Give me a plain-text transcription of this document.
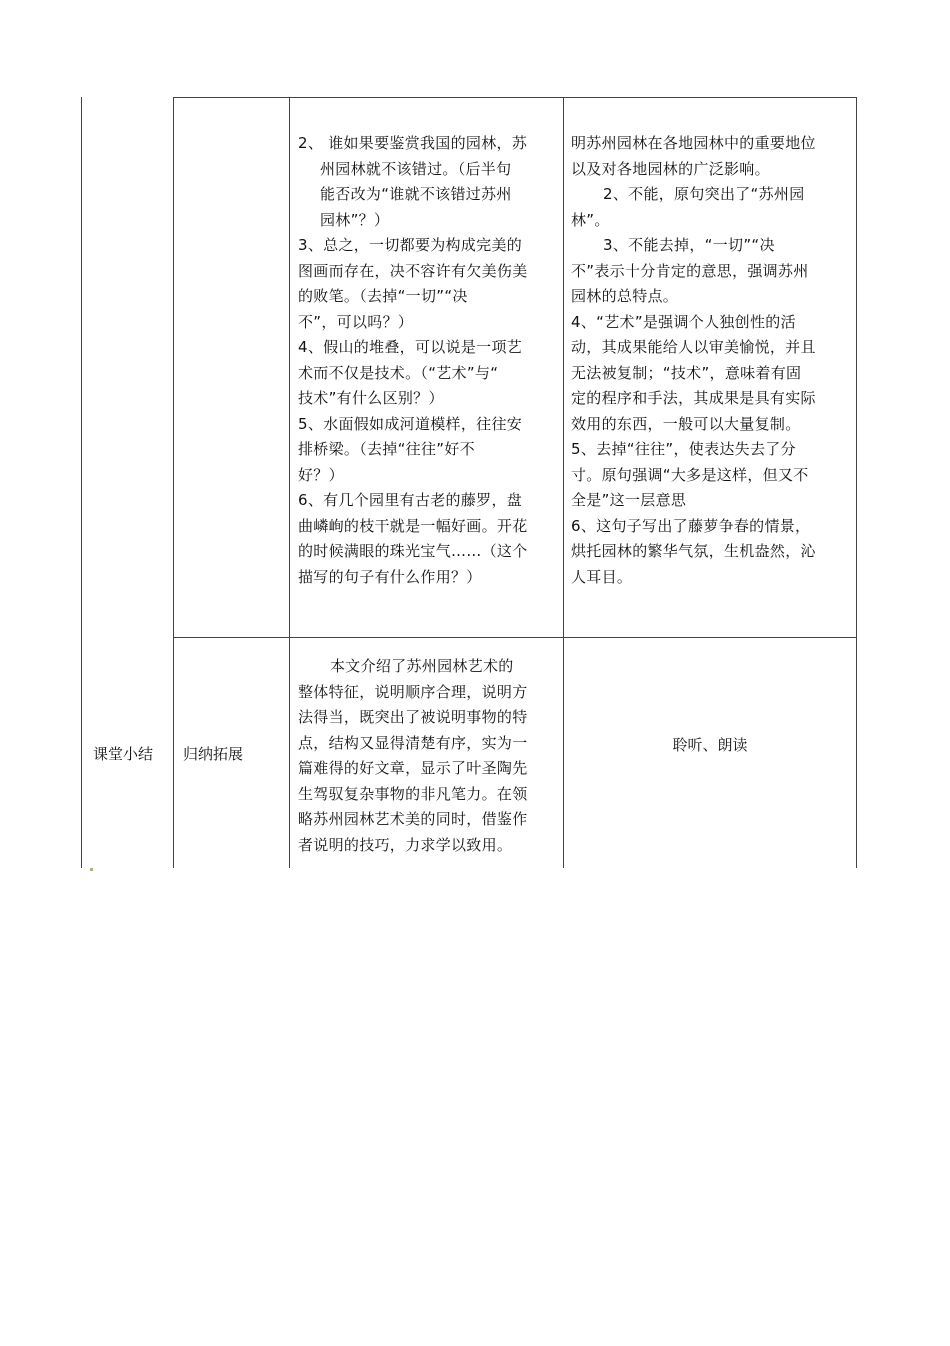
2、 谁如果要鉴赏我国的园林，苏
州园林就不该错过。（后半句
能否改为“谁就不该错过苏州
园林”？）
3、总之，一切都要为构成完美的
图画而存在，决不容许有欠美伤美
的败笔。（去掉“一切”“决
不”，可以吗？）
4、假山的堆叠，可以说是一项艺
术而不仅是技术。（“艺术”与“
技术”有什么区别？）
5、水面假如成河道模样，往往安
排桥梁。（去掉“往往”好不
好？）
6、有几个园里有古老的藤罗，盘
曲嶙峋的枝干就是一幅好画。开花
的时候满眼的珠光宝气……（这个
描写的句子有什么作用？）
明苏州园林在各地园林中的重要地位
以及对各地园林的广泛影响。
2、不能，原句突出了“苏州园
林”。
3、不能去掉，“一切”“决
不”表示十分肯定的意思，强调苏州
园林的总特点。
4、“艺术”是强调个人独创性的活
动，其成果能给人以审美愉悦，并且
无法被复制；“技术”，意味着有固
定的程序和手法，其成果是具有实际
效用的东西，一般可以大量复制。
5、去掉“往往”，使表达失去了分
寸。原句强调“大多是这样，但又不
全是”这一层意思
6、这句子写出了藤萝争春的情景，
烘托园林的繁华气氛，生机盎然，沁
人耳目。
课堂小结 归纳拓展
本文介绍了苏州园林艺术的
整体特征，说明顺序合理，说明方
法得当，既突出了被说明事物的特
点，结构又显得清楚有序，实为一
篇难得的好文章，显示了叶圣陶先
生驾驭复杂事物的非凡笔力。在领
略苏州园林艺术美的同时，借鉴作
者说明的技巧，力求学以致用。
聆听、朗读
